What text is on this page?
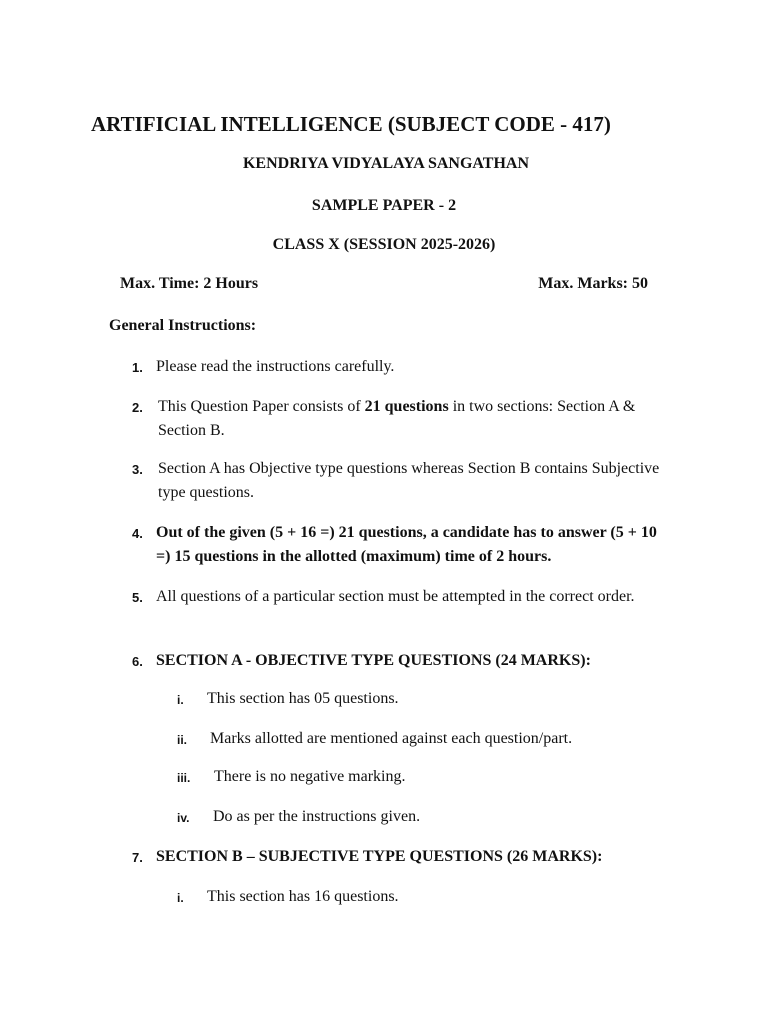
ARTIFICIAL INTELLIGENCE (SUBJECT CODE - 417)
KENDRIYA VIDYALAYA SANGATHAN
SAMPLE PAPER - 2
CLASS X (SESSION 2025-2026)
Max. Time: 2 Hours	Max. Marks: 50
General Instructions:
1. Please read the instructions carefully.
2. This Question Paper consists of 21 questions in two sections: Section A & Section B.
3. Section A has Objective type questions whereas Section B contains Subjective type questions.
4. Out of the given (5 + 16 =) 21 questions, a candidate has to answer (5 + 10 =) 15 questions in the allotted (maximum) time of 2 hours.
5. All questions of a particular section must be attempted in the correct order.
6. SECTION A - OBJECTIVE TYPE QUESTIONS (24 MARKS):
i.	This section has 05 questions.
ii.	Marks allotted are mentioned against each question/part.
iii.	There is no negative marking.
iv.	Do as per the instructions given.
7. SECTION B – SUBJECTIVE TYPE QUESTIONS (26 MARKS):
i.	This section has 16 questions.
